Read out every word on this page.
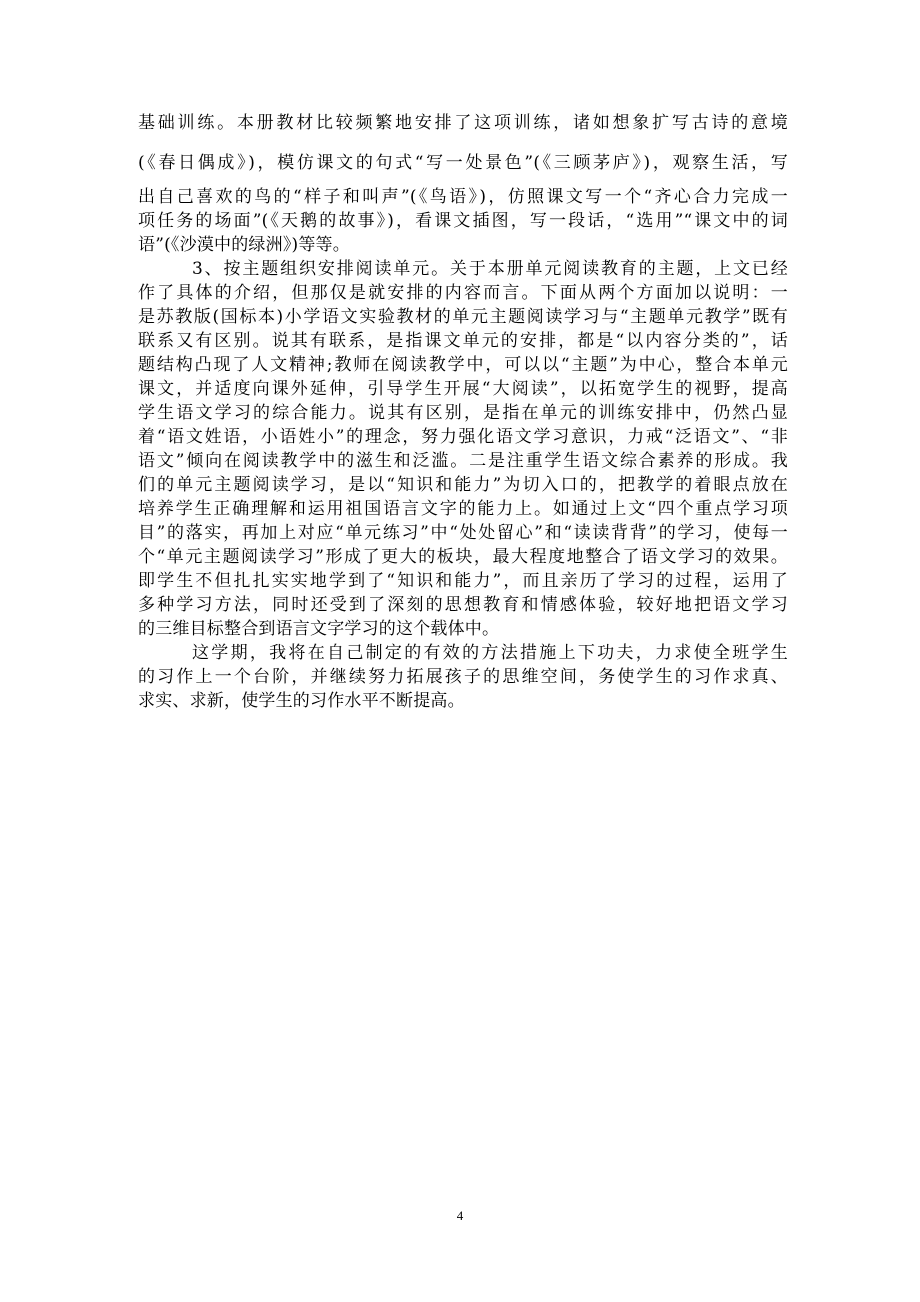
基础训练。本册教材比较频繁地安排了这项训练，诸如想象扩写古诗的意境
(《春日偶成》)，模仿课文的句式“写一处景色”(《三顾茅庐》)，观察生活，写
出自己喜欢的鸟的“样子和叫声”(《鸟语》)，仿照课文写一个“齐心合力完成一
项任务的场面”(《天鹅的故事》)，看课文插图，写一段话，“选用”“课文中的词
语”(《沙漠中的绿洲》)等等。
3、按主题组织安排阅读单元。关于本册单元阅读教育的主题，上文已经
作了具体的介绍，但那仅是就安排的内容而言。下面从两个方面加以说明：一
是苏教版(国标本)小学语文实验教材的单元主题阅读学习与“主题单元教学”既有
联系又有区别。说其有联系，是指课文单元的安排，都是“以内容分类的”，话
题结构凸现了人文精神;教师在阅读教学中，可以以“主题”为中心，整合本单元
课文，并适度向课外延伸，引导学生开展“大阅读”，以拓宽学生的视野，提高
学生语文学习的综合能力。说其有区别，是指在单元的训练安排中，仍然凸显
着“语文姓语，小语姓小”的理念，努力强化语文学习意识，力戒“泛语文”、“非
语文”倾向在阅读教学中的滋生和泛滥。二是注重学生语文综合素养的形成。我
们的单元主题阅读学习，是以“知识和能力”为切入口的，把教学的着眼点放在
培养学生正确理解和运用祖国语言文字的能力上。如通过上文“四个重点学习项
目”的落实，再加上对应“单元练习”中“处处留心”和“读读背背”的学习，使每一
个“单元主题阅读学习”形成了更大的板块，最大程度地整合了语文学习的效果。
即学生不但扎扎实实地学到了“知识和能力”，而且亲历了学习的过程，运用了
多种学习方法，同时还受到了深刻的思想教育和情感体验，较好地把语文学习
的三维目标整合到语言文字学习的这个载体中。
这学期，我将在自己制定的有效的方法措施上下功夫，力求使全班学生
的习作上一个台阶，并继续努力拓展孩子的思维空间，务使学生的习作求真、
求实、求新，使学生的习作水平不断提高。
4
